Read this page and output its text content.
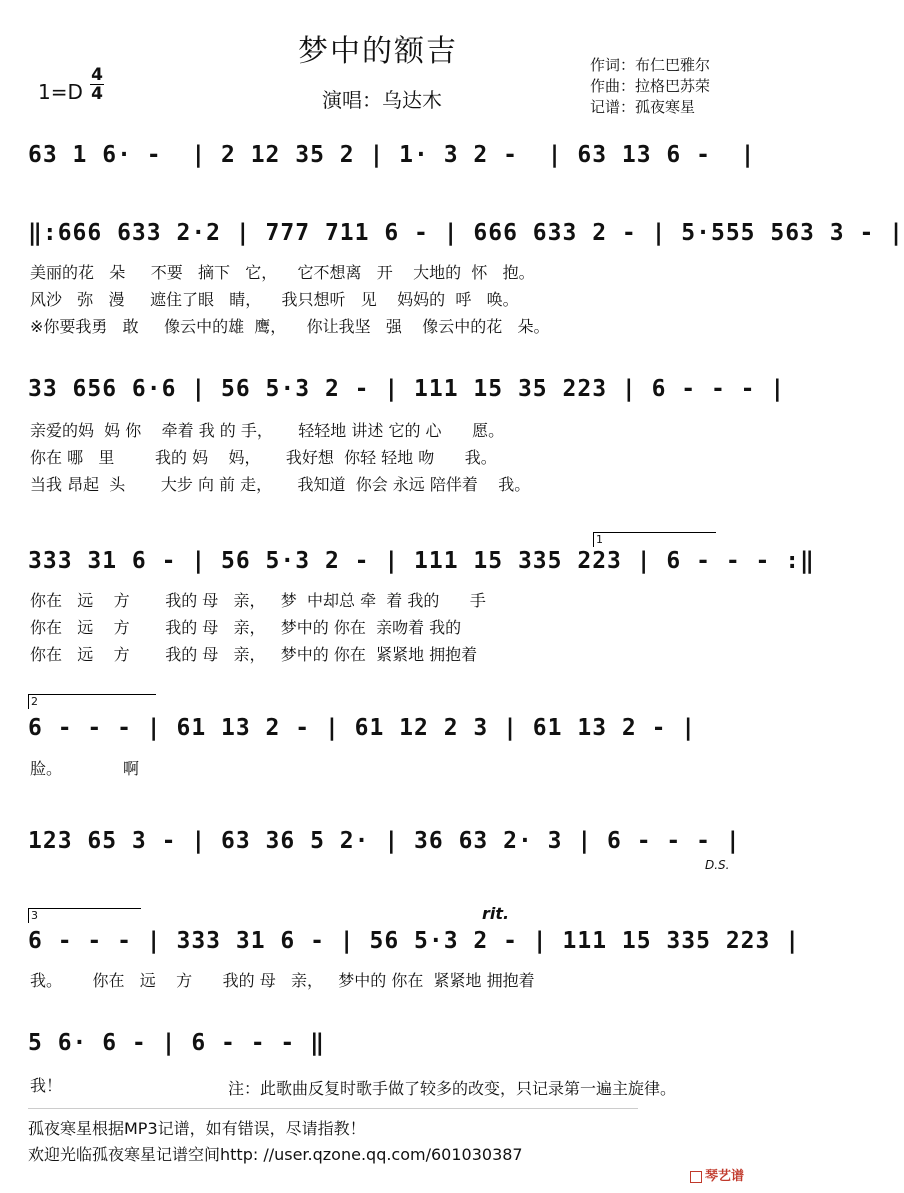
梦中的额吉
1=D
4
4	演唱：乌达木
作词：布仁巴雅尔
作曲：拉格巴苏荣
记谱：孤夜寒星
63 1 6· -  | 2 12 35 2 | 1· 3 2 -  | 63 13 6 -  |
‖:666 633 2·2 | 777 711 6 - | 666 633 2 - | 5·555 563 3 - |
美丽的花   朵     不要   摘下   它，    它不想离   开    大地的  怀   抱。
风沙   弥   漫     遮住了眼   睛，    我只想听   见    妈妈的  呼   唤。
※你要我勇   敢     像云中的雄  鹰，    你让我坚   强    像云中的花   朵。
33 656 6·6 | 56 5·3 2 - | 111 15 35 223 | 6 - - - |
亲爱的妈  妈 你    牵着 我 的 手，     轻轻地 讲述 它的 心      愿。
你在 哪   里        我的 妈    妈，     我好想  你轻 轻地 吻      我。
当我 昂起  头       大步 向 前 走，     我知道  你会 永远 陪伴着    我。
1
333 31 6 - | 56 5·3 2 - | 111 15 335 223 | 6 - - - :‖
你在   远    方       我的 母   亲，   梦  中却总 牵  着 我的      手
你在   远    方       我的 母   亲，   梦中的 你在  亲吻着 我的
你在   远    方       我的 母   亲，   梦中的 你在  紧紧地 拥抱着
2
6 - - - | 61 13 2 - | 61 12 2 3 | 61 13 2 - |
脸。            啊
123 65 3 - | 63 36 5 2· | 36 63 2· 3 | 6 - - - |
D.S.
3	rit.
6 - - - | 333 31 6 - | 56 5·3 2 - | 111 15 335 223 |
我。      你在   远    方      我的 母   亲，   梦中的 你在  紧紧地 拥抱着
5 6· 6 - | 6 - - - ‖
我！	注：此歌曲反复时歌手做了较多的改变，只记录第一遍主旋律。
孤夜寒星根据MP3记谱，如有错误，尽请指教！
欢迎光临孤夜寒星记谱空间http: //user.qzone.qq.com/601030387
琴艺谱
